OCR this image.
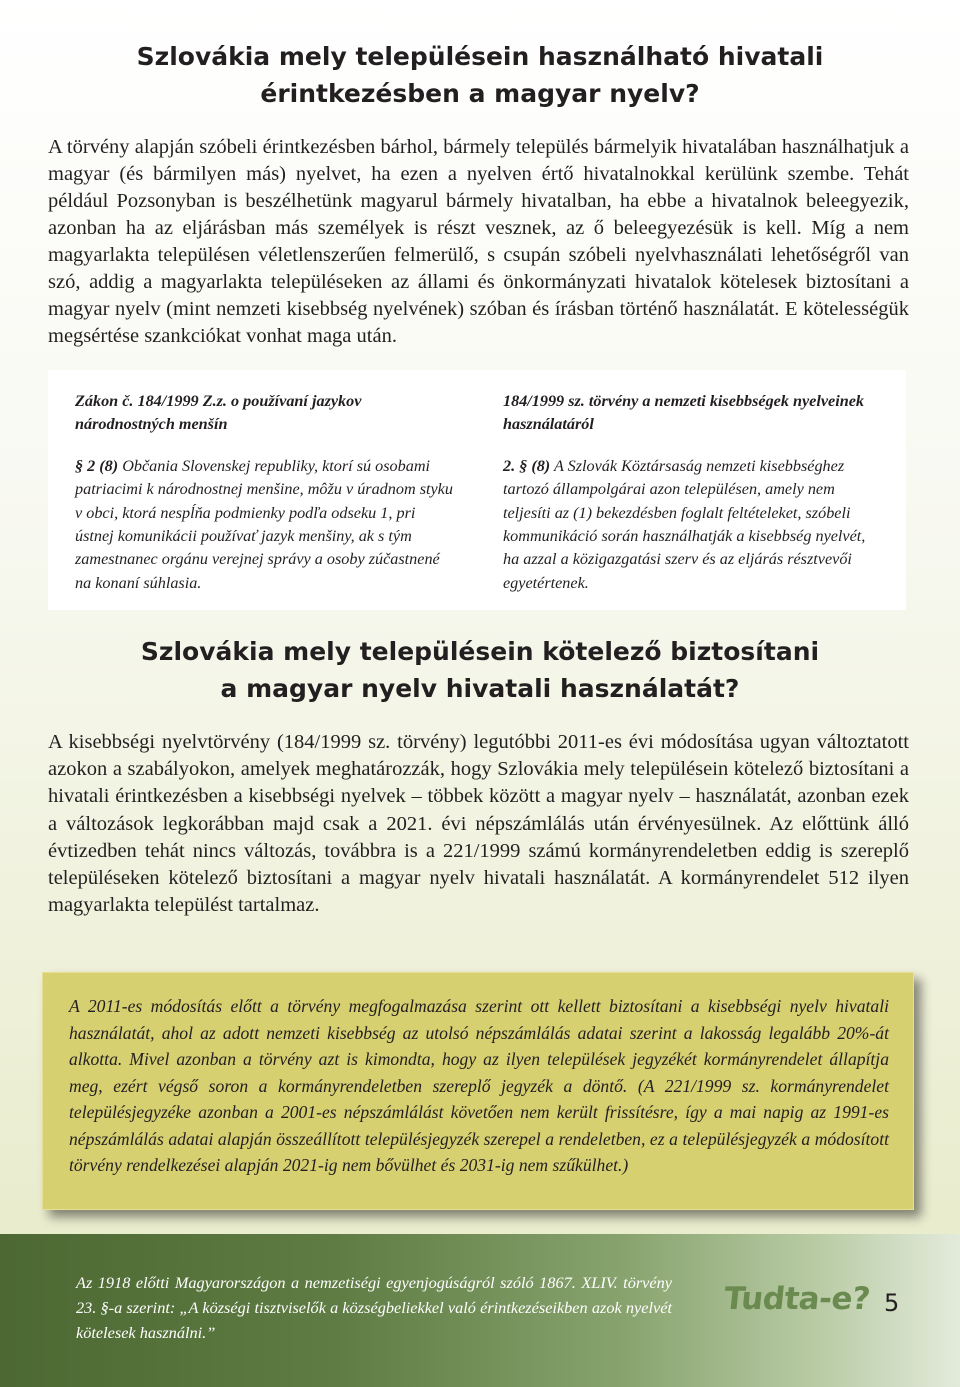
Szlovákia mely településein használható hivatali
érintkezésben a magyar nyelv?

A törvény alapján szóbeli érintkezésben bárhol, bármely település bármelyik hivatalában használhatjuk a magyar (és bármilyen más) nyelvet, ha ezen a nyelven értő hivatalnokkal kerülünk szembe. Tehát például Pozsonyban is beszélhetünk magyarul bármely hivatalban, ha ebbe a hivatalnok beleegyezik, azonban ha az eljárásban más személyek is részt vesznek, az ő beleegyezésük is kell. Míg a nem magyarlakta településen véletlenszerűen felmerülő, s csupán szóbeli nyelvhasználati lehetőségről van szó, addig a magyarlakta településeken az állami és önkormányzati hivatalok kötelesek biztosítani a magyar nyelv (mint nemzeti kisebbség nyelvének) szóban és írásban történő használatát. E kötelességük megsértése szankciókat vonhat maga után.

Zákon č. 184/1999 Z.z. o používaní jazykov národnostných menšín

§ 2 (8) Občania Slovenskej republiky, ktorí sú osobami patriacimi k národnostnej menšine, môžu v úradnom styku v obci, ktorá nespĺňa podmienky podľa odseku 1, pri ústnej komunikácii používať jazyk menšiny, ak s tým zamestnanec orgánu verejnej správy a osoby zúčastnené na konaní súhlasia.

184/1999 sz. törvény a nemzeti kisebbségek nyelveinek használatáról

2. § (8) A Szlovák Köztársaság nemzeti kisebbséghez tartozó állampolgárai azon településen, amely nem teljesíti az (1) bekezdésben foglalt feltételeket, szóbeli kommunikáció során használhatják a kisebbség nyelvét, ha azzal a közigazgatási szerv és az eljárás résztvevői egyetértenek.

Szlovákia mely településein kötelező biztosítani
a magyar nyelv hivatali használatát?

A kisebbségi nyelvtörvény (184/1999 sz. törvény) legutóbbi 2011-es évi módosítása ugyan változtatott azokon a szabályokon, amelyek meghatározzák, hogy Szlovákia mely településein kötelező biztosítani a hivatali érintkezésben a kisebbségi nyelvek – többek között a magyar nyelv – használatát, azonban ezek a változások legkorábban majd csak a 2021. évi népszámlálás után érvényesülnek. Az előttünk álló évtizedben tehát nincs változás, továbbra is a 221/1999 számú kormányrendeletben eddig is szereplő településeken kötelező biztosítani a magyar nyelv hivatali használatát. A kormányrendelet 512 ilyen magyarlakta települést tartalmaz.

A 2011-es módosítás előtt a törvény megfogalmazása szerint ott kellett biztosítani a kisebbségi nyelv hivatali használatát, ahol az adott nemzeti kisebbség az utolsó népszámlálás adatai szerint a lakosság legalább 20%-át alkotta. Mivel azonban a törvény azt is kimondta, hogy az ilyen települések jegyzékét kormányrendelet állapítja meg, ezért végső soron a kormányrendeletben szereplő jegyzék a döntő. (A 221/1999 sz. kormányrendelet településjegyzéke azonban a 2001-es népszámlálást követően nem került frissítésre, így a mai napig az 1991-es népszámlálás adatai alapján összeállított településjegyzék szerepel a rendeletben, ez a településjegyzék a módosított törvény rendelkezései alapján 2021-ig nem bővülhet és 2031-ig nem szűkülhet.)

Az 1918 előtti Magyarországon a nemzetiségi egyenjogúságról szóló 1867. XLIV. törvény 23. §-a szerint: „A községi tisztviselők a községbeliekkel való érintkezéseikben azok nyelvét kötelesek használni.”

Tudta-e? 5
